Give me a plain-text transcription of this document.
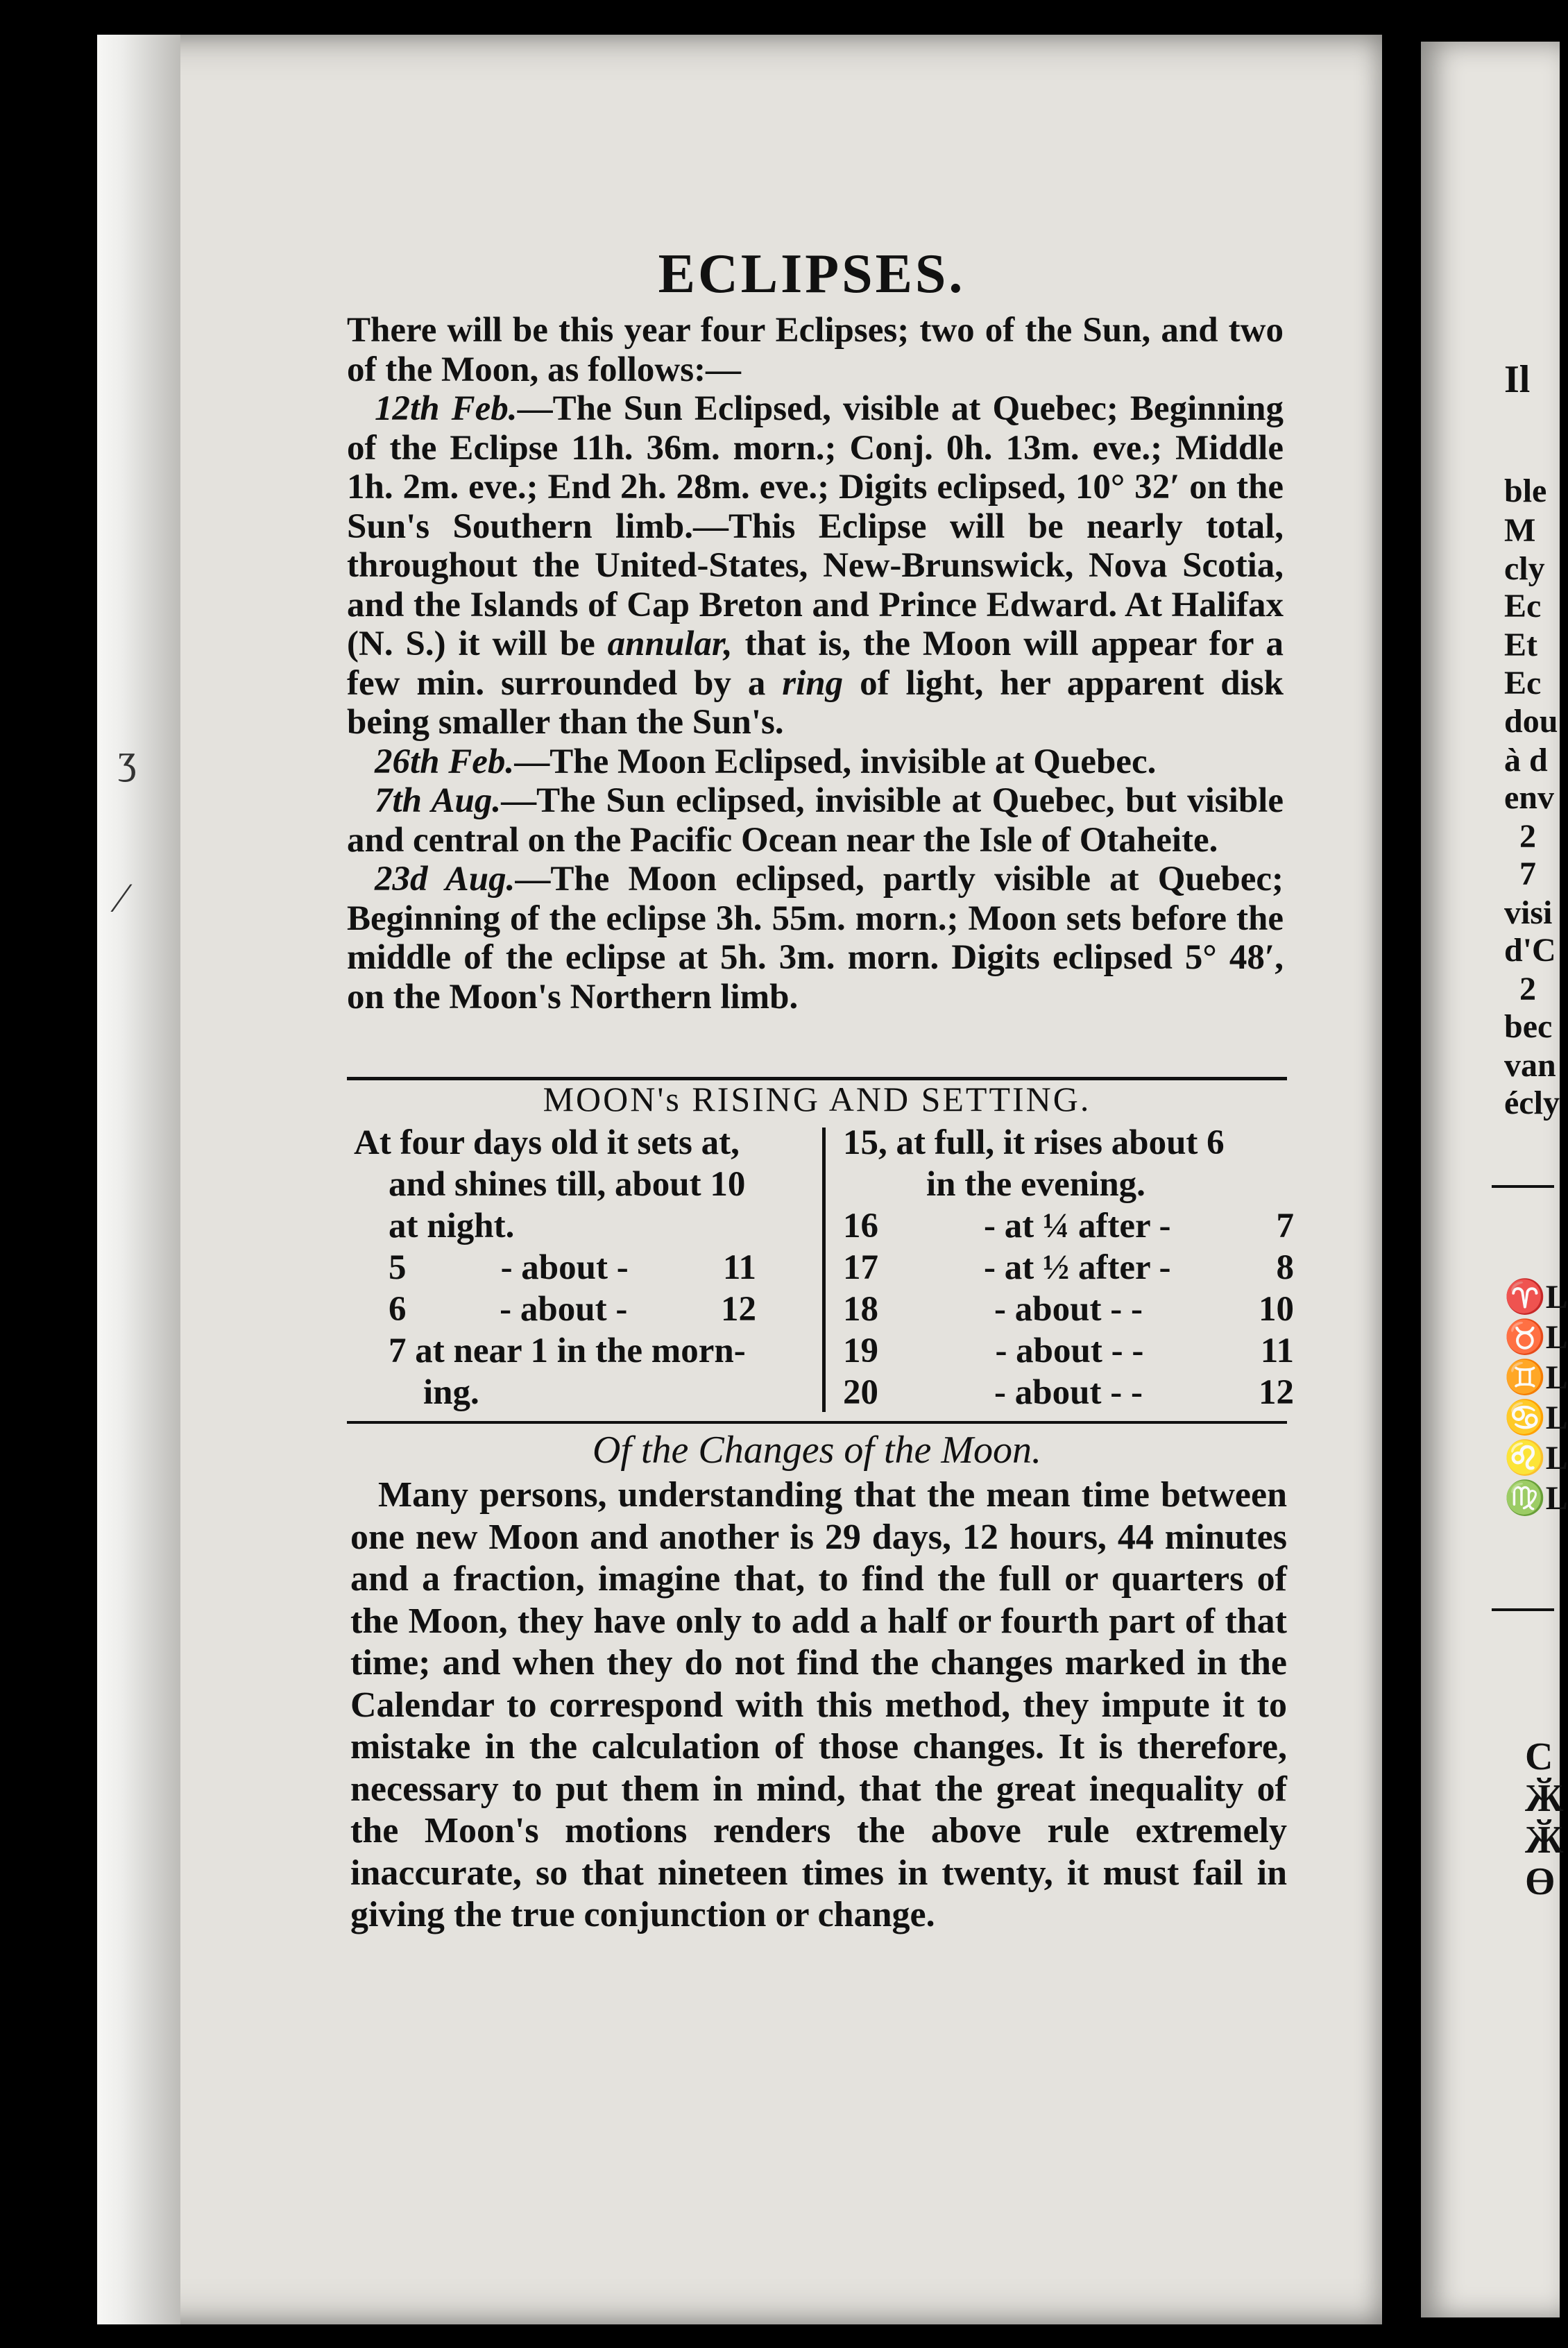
ʒ
⁄
ECLIPSES.

There will be this year four Eclipses; two of the Sun, and two of the Moon, as follows:—

12th Feb.—The Sun Eclipsed, visible at Quebec; Beginning of the Eclipse 11h. 36m. morn.; Conj. 0h. 13m. eve.; Middle 1h. 2m. eve.; End 2h. 28m. eve.; Digits eclipsed, 10° 32′ on the Sun's Southern limb.—This Eclipse will be nearly total, throughout the United-States, New-Brunswick, Nova Scotia, and the Islands of Cap Breton and Prince Edward. At Halifax (N. S.) it will be annular, that is, the Moon will appear for a few min. surrounded by a ring of light, her apparent disk being smaller than the Sun's.

26th Feb.—The Moon Eclipsed, invisible at Quebec.

7th Aug.—The Sun eclipsed, invisible at Quebec, but visible and central on the Pacific Ocean near the Isle of Otaheite.

23d Aug.—The Moon eclipsed, partly visible at Quebec; Beginning of the eclipse 3h. 55m. morn.; Moon sets before the middle of the eclipse at 5h. 3m. morn. Digits eclipsed 5° 48′, on the Moon's Northern limb.

MOON's RISING AND SETTING.
At four days old it sets at,
and shines till, about 10
at night.
5	- about -	11
6	- about -	12
7 at near 1 in the morn-
ing.
15, at full, it rises about 6
in the evening.
16	- at ¼ after -	7
17	- at ½ after -	8
18	- about - -	10
19	- about - -	11
20	- about - -	12
Of the Changes of the Moon.

Many persons, understanding that the mean time between one new Moon and another is 29 days, 12 hours, 44 minutes and a fraction, imagine that, to find the full or quarters of the Moon, they have only to add a half or fourth part of that time; and when they do not find the changes marked in the Calendar to correspond with this method, they impute it to mistake in the calculation of those changes. It is therefore, necessary to put them in mind, that the great inequality of the Moon's motions renders the above rule extremely inaccurate, so that nineteen times in twenty, it must fail in giving the true conjunction or change.

Il
ble
M
cly
Ec
Et
Ec
dou
à d
env
2
7
visi
d'C
2
bec
van
écly
♈L
♉L
♊L
♋L
♌L
♍L
C
Ӂ
Ӂ
Ө
